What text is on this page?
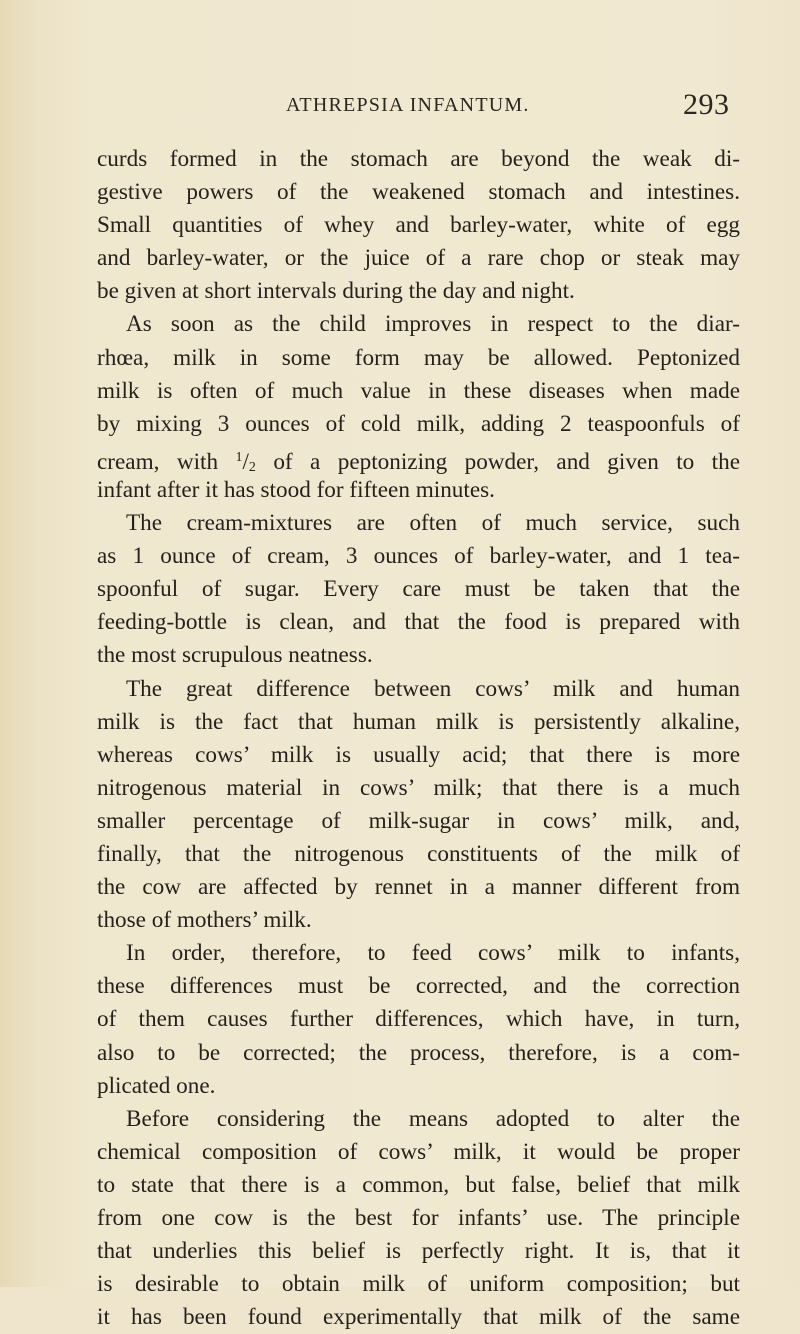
ATHREPSIA INFANTUM.	293
curds formed in the stomach are beyond the weak di-
gestive powers of the weakened stomach and intestines.
Small quantities of whey and barley-water, white of egg
and barley-water, or the juice of a rare chop or steak may
be given at short intervals during the day and night.
As soon as the child improves in respect to the diar-
rhœa, milk in some form may be allowed. Peptonized
milk is often of much value in these diseases when made
by mixing 3 ounces of cold milk, adding 2 teaspoonfuls of
cream, with $^1/_2$ of a peptonizing powder, and given to the
infant after it has stood for fifteen minutes.
The cream-mixtures are often of much service, such
as 1 ounce of cream, 3 ounces of barley-water, and 1 tea-
spoonful of sugar. Every care must be taken that the
feeding-bottle is clean, and that the food is prepared with
the most scrupulous neatness.
The great difference between cows’ milk and human
milk is the fact that human milk is persistently alkaline,
whereas cows’ milk is usually acid; that there is more
nitrogenous material in cows’ milk; that there is a much
smaller percentage of milk-sugar in cows’ milk, and,
finally, that the nitrogenous constituents of the milk of
the cow are affected by rennet in a manner different from
those of mothers’ milk.
In order, therefore, to feed cows’ milk to infants,
these differences must be corrected, and the correction
of them causes further differences, which have, in turn,
also to be corrected; the process, therefore, is a com-
plicated one.
Before considering the means adopted to alter the
chemical composition of cows’ milk, it would be proper
to state that there is a common, but false, belief that milk
from one cow is the best for infants’ use. The principle
that underlies this belief is perfectly right. It is, that it
is desirable to obtain milk of uniform composition; but
it has been found experimentally that milk of the same
